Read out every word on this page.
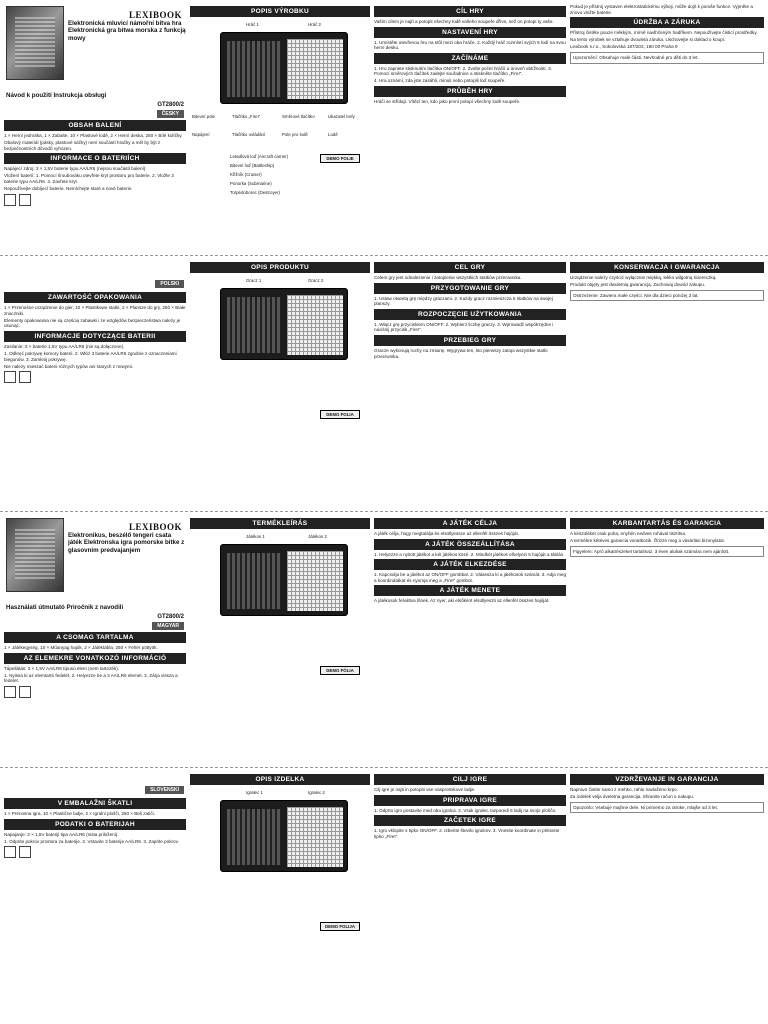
Elektronická mluvicí námořní bitva hra Elektronická gra bitwa morska z funkcją mowy
LEXIBOOK
Návod k použití Instrukcja obsługi
GT2800/2
ČESKY
OBSAH BALENÍ

1 × Herní jednotka, 1 × Zabalte, 10 × Plastové lodě, 2 × Herní deska, 250 × Bílé kolíčky.

Obalový materiál (pásky, plastové sáčky) není součástí hračky a měl by být z bezpečnostních důvodů vyhozen.

INFORMACE O BATERIÍCH

Napájecí zdroj: 3 × 1,5V baterie typu AA/LR6 (nejsou součástí balení).

Vložení baterií: 1. Pomocí šroubováku otevřete kryt prostoru pro baterie. 2. Vložte 3 baterie typu AA/LR6. 3. Zavřete kryt.

Nepoužívejte dobíjecí baterie. Nemíchejte staré a nové baterie.

POPIS VÝROBKU
Hráč 1	Hráč 2
Bitevní pole	Tlačítko „Fire!“	Směrové tlačítko	Ukazatel trefy
Napájení	Tlačítko ovládání	Pole pro lodě	Lodě
Letadlová loď (Aircraft carrier)
Bitevní loď (Battleship)
Křižník (Cruiser)
Ponorka (Submarine)
Torpédoborec (Destroyer)
DEMO FOLIE
CÍL HRY

Vaším cílem je najít a potopit všechny lodě vašeho soupeře dříve, než on potopí ty vaše.

NASTAVENÍ HRY

1. Umístěte otevřenou hru na stůl mezi oba hráče. 2. Každý hráč rozmístí svých 5 lodí na svou herní desku.

ZAČÍNÁME

1. Hru zapnete stisknutím tlačítka ON/OFF. 2. Zvolte počet hráčů a úroveň obtížnosti. 3. Pomocí směrových tlačítek zadejte souřadnice a stiskněte tlačítko „Fire!“.

4. Hra oznámí, zda jste zasáhli, minuli nebo potopili loď soupeře.

PRŮBĚH HRY

Hráči se střídají. Vítězí ten, kdo jako první potopí všechny lodě soupeře.

Pokud je přístroj vystaven elektrostatickému výboji, může dojít k poruše funkce. Vyjměte a znovu vložte baterie.

ÚDRŽBA A ZÁRUKA

Přístroj čistěte pouze měkkým, mírně navlhčeným hadříkem. Nepoužívejte čisticí prostředky.

Na tento výrobek se vztahuje dvouletá záruka. Uschovejte si doklad o koupi.

Lexibook s.r.o., Sokolovská 187/203, 190 00 Praha 9

Upozornění: Obsahuje malé části. Nevhodné pro děti do 3 let.
POLSKI
ZAWARTOŚĆ OPAKOWANIA

1 × Przenośne urządzenie do gier, 10 × Plastikowe statki, 2 × Plansze do gry, 250 × Białe znaczniki.

Elementy opakowania nie są częścią zabawki i ze względów bezpieczeństwa należy je usunąć.

INFORMACJE DOTYCZĄCE BATERII

Zasilanie: 3 × baterie 1,5V typu AA/LR6 (nie są dołączone).

1. Odkręć pokrywę komory baterii. 2. Włóż 3 baterie AA/LR6 zgodnie z oznaczeniami biegunów. 3. Zamknij pokrywę.

Nie należy mieszać baterii różnych typów ani starych z nowymi.

OPIS PRODUKTU
Gracz 1	Gracz 2
DEMO FOLIA
CEL GRY

Celem gry jest odnalezienie i zatopienie wszystkich statków przeciwnika.

PRZYGOTOWANIE GRY

1. Ustaw otwartą grę między graczami. 2. Każdy gracz rozmieszcza 5 statków na swojej planszy.

ROZPOCZĘCIE UŻYTKOWANIA

1. Włącz grę przyciskiem ON/OFF. 2. Wybierz liczbę graczy. 3. Wprowadź współrzędne i naciśnij przycisk „Fire!“.

PRZEBIEG GRY

Gracze wykonują ruchy na zmianę. Wygrywa ten, kto pierwszy zatopi wszystkie statki przeciwnika.

KONSERWACJA I GWARANCJA

Urządzenie należy czyścić wyłącznie miękką, lekko wilgotną ściereczką.

Produkt objęty jest dwuletnią gwarancją. Zachowaj dowód zakupu.

Ostrzeżenie: Zawiera małe części. Nie dla dzieci poniżej 3 lat.
Elektronikus, beszélő tengeri csata játék Elektronska igra pomorske bitke z glasovnim predvajanjem
LEXIBOOK
Használati útmutató Priročnik z navodili
GT2800/2
MAGYAR
A CSOMAG TARTALMA

1 × Játékegység, 10 × Műanyag hajók, 2 × Játéktábla, 250 × Fehér pöttyök.

AZ ELEMEKRE VONATKOZÓ INFORMÁCIÓ

Tápellátás: 3 × 1,5V AA/LR6 típusú elem (nem tartozék).

1. Nyissa ki az elemtartó fedelét. 2. Helyezze be a 3 AA/LR6 elemet. 3. Zárja vissza a fedelet.

TERMÉKLEÍRÁS
Játékos 1	Játékos 2
DEMO FÓLIA
A JÁTÉK CÉLJA

A játék célja, hogy megtalálja és elsüllyessze az ellenfél összes hajóját.

A JÁTÉK ÖSSZEÁLLÍTÁSA

1. Helyezze a nyitott játékot a két játékos közé. 2. Mindkét játékos elhelyezi 5 hajóját a táblán.

A JÁTÉK ELKEZDÉSE

1. Kapcsolja be a játékot az ON/OFF gombbal. 2. Válassza ki a játékosok számát. 3. Adja meg a koordinátákat és nyomja meg a „Fire!“ gombot.

A JÁTÉK MENETE

A játékosok felváltva lőnek. Az nyer, aki elsőként elsüllyeszti az ellenfél összes hajóját.

KARBANTARTÁS ÉS GARANCIA

A készüléket csak puha, enyhén nedves ruhával tisztítsa.

A termékre kétéves garancia vonatkozik. Őrizze meg a vásárlási bizonylatot.

Figyelem: Apró alkatrészeket tartalmaz. 3 éven aluliak számára nem ajánlott.
SLOVENSKI
V EMBALAŽNI ŠKATLI

1 × Prenosna igra, 10 × Plastične ladje, 2 × Igralni plošči, 250 × Beli zatiči.

PODATKI O BATERIJAH

Napajanje: 3 × 1,5V bateriji tipa AA/LR6 (nista priloženi).

1. Odprite pokrov prostora za baterije. 2. Vstavite 3 baterije AA/LR6. 3. Zaprite pokrov.

OPIS IZDELKA
Igralec 1	Igralec 2
DEMO FOLIJA
CILJ IGRE

Cilj igre je najti in potopiti vse nasprotnikove ladje.

PRIPRAVA IGRE

1. Odprto igro postavite med oba igralca. 2. Vsak igralec razporedi 5 ladij na svojo ploščo.

ZAČETEK IGRE

1. Igro vklopite s tipko ON/OFF. 2. Izberite število igralcev. 3. Vnesite koordinate in pritisnite tipko „Fire!“.

VZDRŽEVANJE IN GARANCIJA

Napravo čistite samo z mehko, rahlo navlaženo krpo.

Za izdelek velja dveletna garancija. Shranite račun o nakupu.

Opozorilo: Vsebuje majhne dele. Ni primerno za otroke, mlajše od 3 let.
